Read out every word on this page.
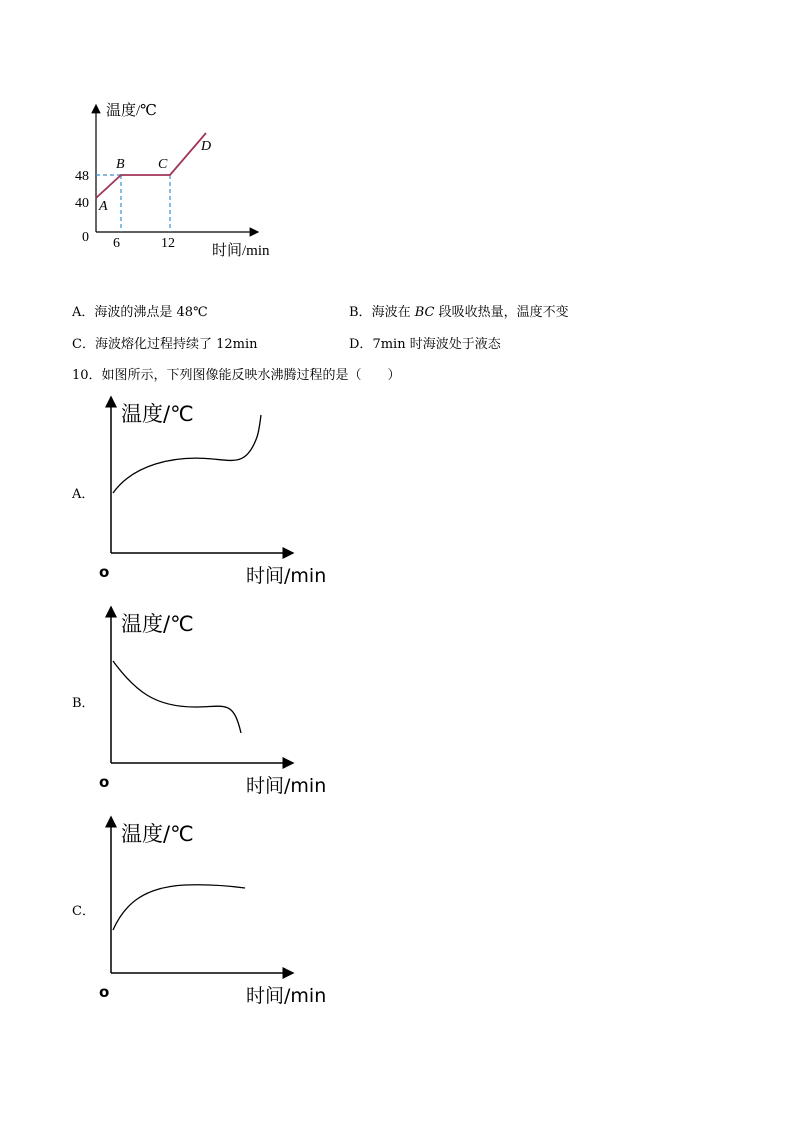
温度/℃
时间/min
0
48
40
6	12
A
B C
D
A．海波的沸点是 48℃	B．海波在 BC 段吸收热量，温度不变
C．海波熔化过程持续了 12min	D．7min 时海波处于液态
10．如图所示，下列图像能反映水沸腾过程的是（　　）
A．
温度/℃
时间/min
o
B．
温度/℃
时间/min
o
C．
温度/℃
时间/min
o
